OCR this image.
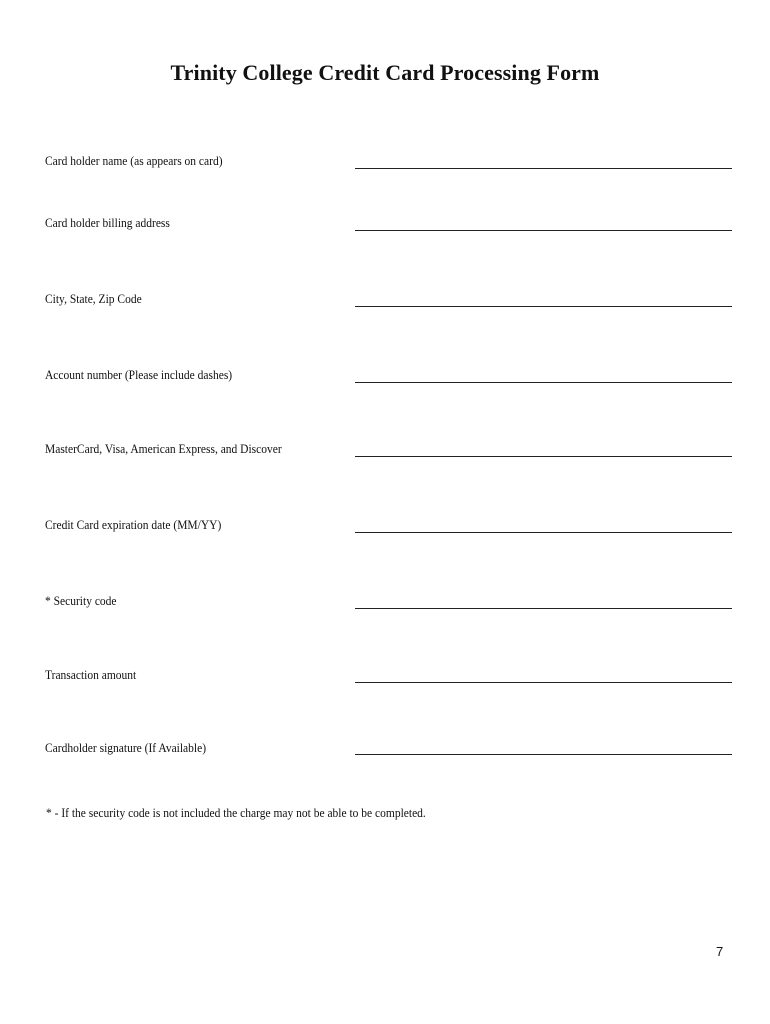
Trinity College Credit Card Processing Form
Card holder name (as appears on card)
Card holder billing address
City, State, Zip Code
Account number (Please include dashes)
MasterCard, Visa, American Express, and Discover
Credit Card expiration date (MM/YY)
* Security code
Transaction amount
Cardholder signature (If Available)
* - If the security code is not included the charge may not be able to be completed.
7
